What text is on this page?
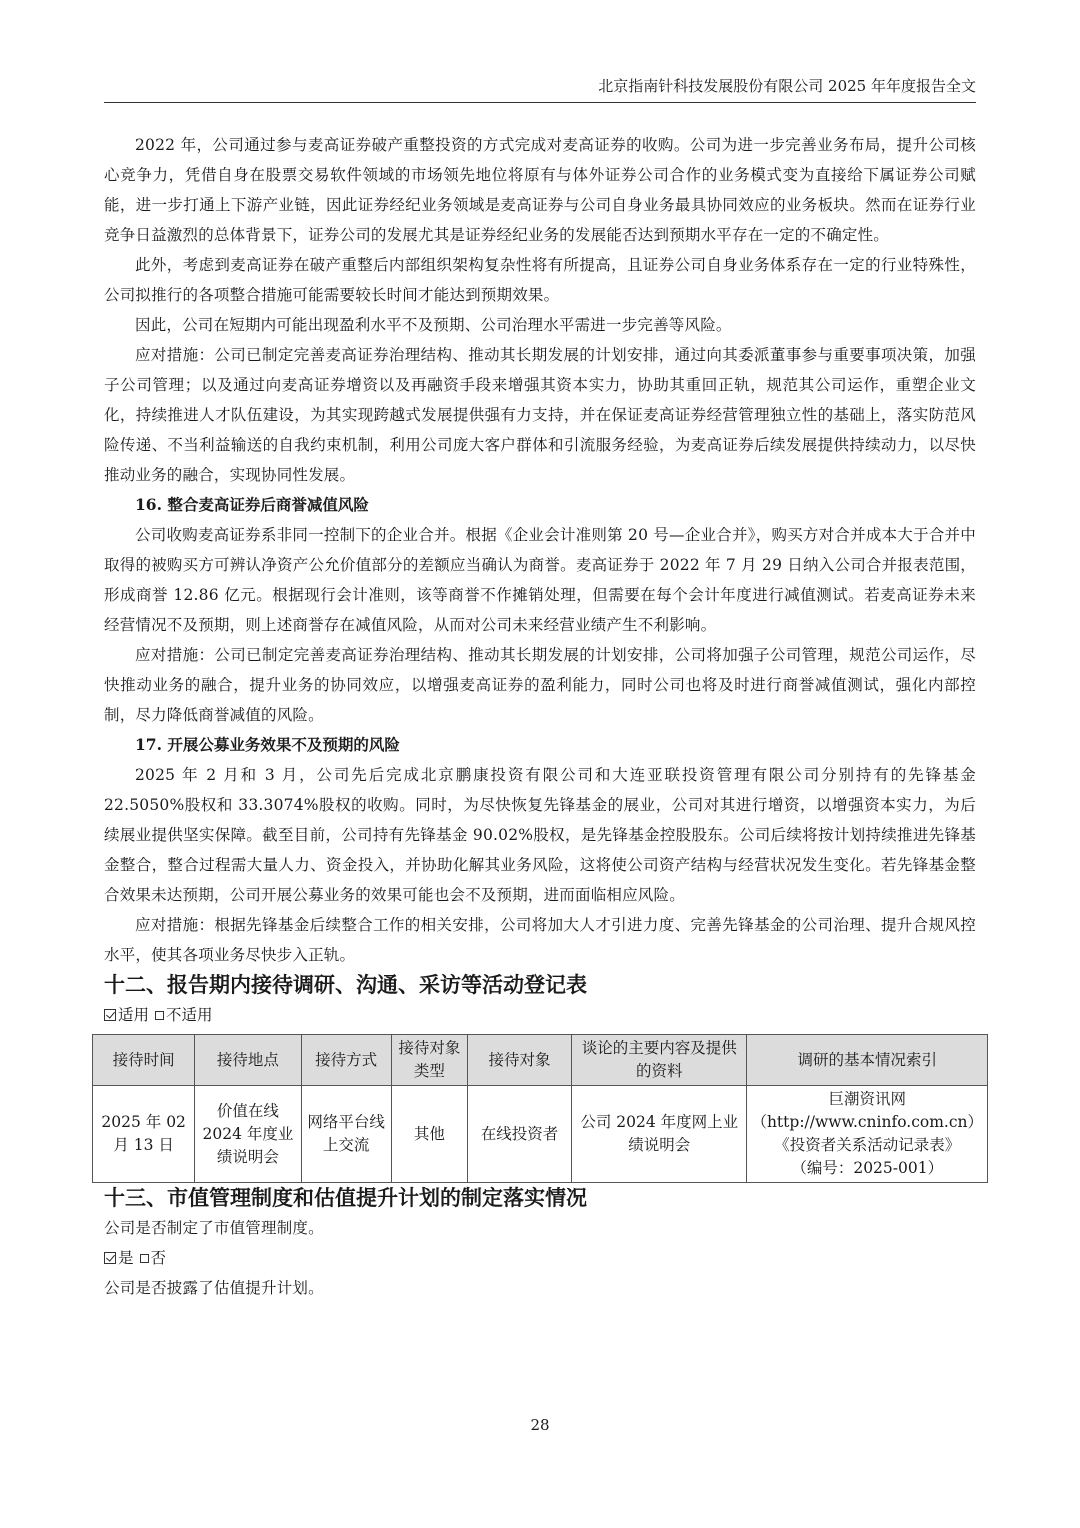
北京指南针科技发展股份有限公司 2025 年年度报告全文

2022 年，公司通过参与麦高证券破产重整投资的方式完成对麦高证券的收购。公司为进一步完善业务布局，提升公司核心竞争力，凭借自身在股票交易软件领域的市场领先地位将原有与体外证券公司合作的业务模式变为直接给下属证券公司赋能，进一步打通上下游产业链，因此证券经纪业务领域是麦高证券与公司自身业务最具协同效应的业务板块。然而在证券行业竞争日益激烈的总体背景下，证券公司的发展尤其是证券经纪业务的发展能否达到预期水平存在一定的不确定性。

此外，考虑到麦高证券在破产重整后内部组织架构复杂性将有所提高，且证券公司自身业务体系存在一定的行业特殊性，公司拟推行的各项整合措施可能需要较长时间才能达到预期效果。

因此，公司在短期内可能出现盈利水平不及预期、公司治理水平需进一步完善等风险。

应对措施：公司已制定完善麦高证券治理结构、推动其长期发展的计划安排，通过向其委派董事参与重要事项决策，加强子公司管理；以及通过向麦高证券增资以及再融资手段来增强其资本实力，协助其重回正轨，规范其公司运作，重塑企业文化，持续推进人才队伍建设，为其实现跨越式发展提供强有力支持，并在保证麦高证券经营管理独立性的基础上，落实防范风险传递、不当利益输送的自我约束机制，利用公司庞大客户群体和引流服务经验，为麦高证券后续发展提供持续动力，以尽快推动业务的融合，实现协同性发展。

16. 整合麦高证券后商誉减值风险

公司收购麦高证券系非同一控制下的企业合并。根据《企业会计准则第 20 号—企业合并》，购买方对合并成本大于合并中取得的被购买方可辨认净资产公允价值部分的差额应当确认为商誉。麦高证券于 2022 年 7 月 29 日纳入公司合并报表范围，形成商誉 12.86 亿元。根据现行会计准则，该等商誉不作摊销处理，但需要在每个会计年度进行减值测试。若麦高证券未来经营情况不及预期，则上述商誉存在减值风险，从而对公司未来经营业绩产生不利影响。

应对措施：公司已制定完善麦高证券治理结构、推动其长期发展的计划安排，公司将加强子公司管理，规范公司运作，尽快推动业务的融合，提升业务的协同效应，以增强麦高证券的盈利能力，同时公司也将及时进行商誉减值测试，强化内部控制，尽力降低商誉减值的风险。

17. 开展公募业务效果不及预期的风险

2025 年 2 月和 3 月，公司先后完成北京鹏康投资有限公司和大连亚联投资管理有限公司分别持有的先锋基金 22.5050%股权和 33.3074%股权的收购。同时，为尽快恢复先锋基金的展业，公司对其进行增资，以增强资本实力，为后续展业提供坚实保障。截至目前，公司持有先锋基金 90.02%股权，是先锋基金控股股东。公司后续将按计划持续推进先锋基金整合，整合过程需大量人力、资金投入，并协助化解其业务风险，这将使公司资产结构与经营状况发生变化。若先锋基金整合效果未达预期，公司开展公募业务的效果可能也会不及预期，进而面临相应风险。

应对措施：根据先锋基金后续整合工作的相关安排，公司将加大人才引进力度、完善先锋基金的公司治理、提升合规风控水平，使其各项业务尽快步入正轨。

十二、报告期内接待调研、沟通、采访等活动登记表
适用 不适用
接待时间	接待地点	接待方式	接待对象类型	接待对象	谈论的主要内容及提供的资料	调研的基本情况索引
2025 年 02 月 13 日	价值在线 2024 年度业绩说明会	网络平台线上交流	其他	在线投资者	公司 2024 年度网上业绩说明会	巨潮资讯网
（http://www.cninfo.com.cn）
《投资者关系活动记录表》
（编号：2025-001）
十三、市值管理制度和估值提升计划的制定落实情况

公司是否制定了市值管理制度。

是 否

公司是否披露了估值提升计划。

28
